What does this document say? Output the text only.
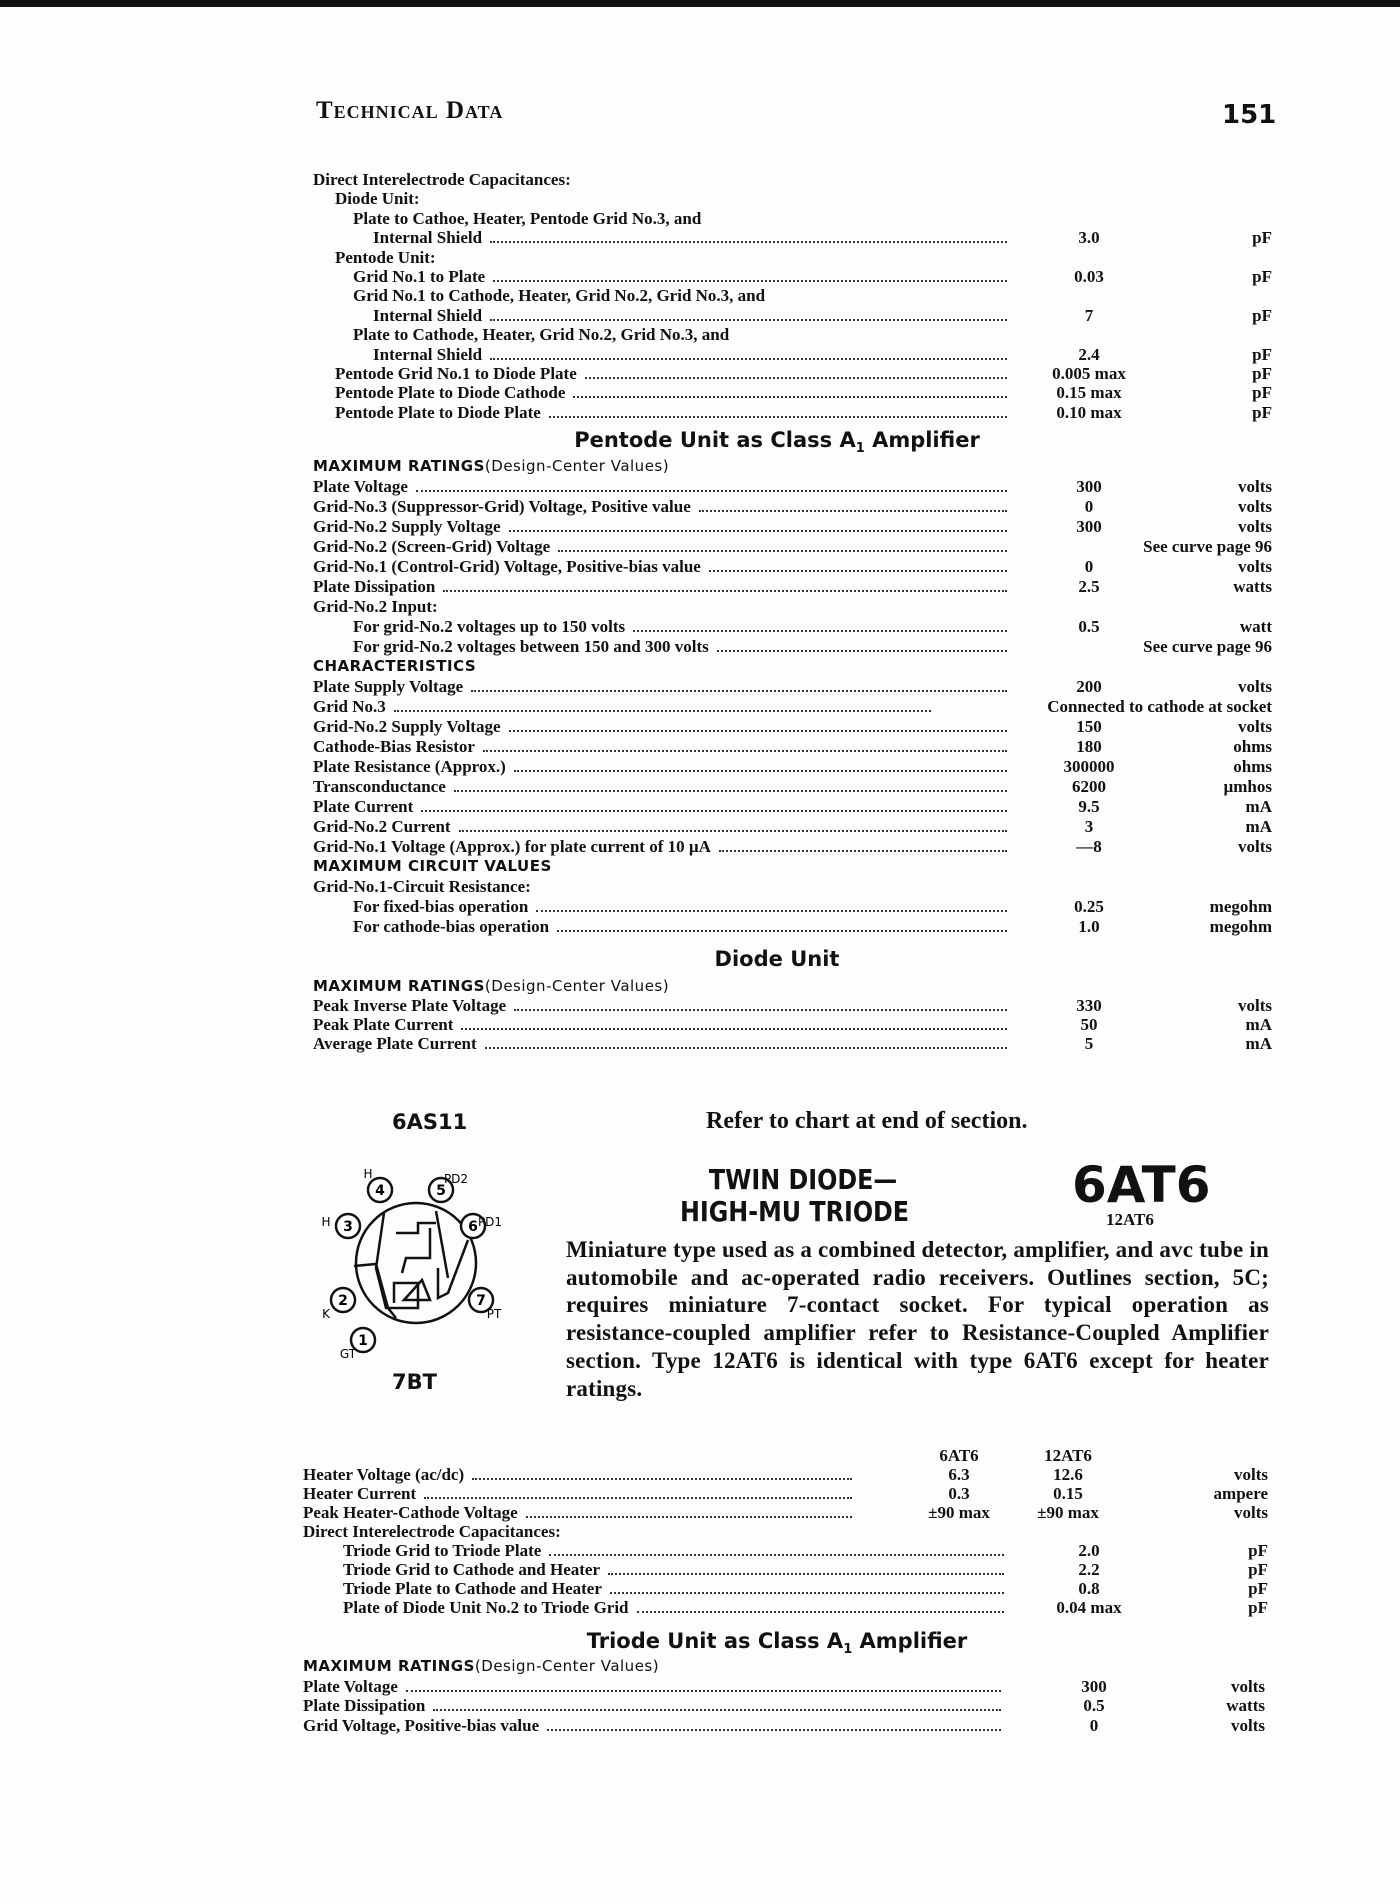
Technical Data	151
Direct Interelectrode Capacitances:
Diode Unit:
Plate to Cathoe, Heater, Pentode Grid No.3, and
Internal Shield	3.0	pF
Pentode Unit:
Grid No.1 to Plate	0.03	pF
Grid No.1 to Cathode, Heater, Grid No.2, Grid No.3, and
Internal Shield	7	pF
Plate to Cathode, Heater, Grid No.2, Grid No.3, and
Internal Shield	2.4	pF
Pentode Grid No.1 to Diode Plate	0.005 max	pF
Pentode Plate to Diode Cathode	0.15 max	pF
Pentode Plate to Diode Plate	0.10 max	pF
Pentode Unit as Class $A_1$ Amplifier
MAXIMUM RATINGS (Design-Center Values)
Plate Voltage	300	volts
Grid-No.3 (Suppressor-Grid) Voltage, Positive value	0	volts
Grid-No.2 Supply Voltage	300	volts
Grid-No.2 (Screen-Grid) Voltage	See curve page 96
Grid-No.1 (Control-Grid) Voltage, Positive-bias value	0	volts
Plate Dissipation	2.5	watts
Grid-No.2 Input:
For grid-No.2 voltages up to 150 volts	0.5	watt
For grid-No.2 voltages between 150 and 300 volts	See curve page 96
CHARACTERISTICS
Plate Supply Voltage	200	volts
Grid No.3	Connected to cathode at socket
Grid-No.2 Supply Voltage	150	volts
Cathode-Bias Resistor	180	ohms
Plate Resistance (Approx.)	300000	ohms
Transconductance	6200	µmhos
Plate Current	9.5	mA
Grid-No.2 Current	3	mA
Grid-No.1 Voltage (Approx.) for plate current of 10 µA	—8	volts
MAXIMUM CIRCUIT VALUES
Grid-No.1-Circuit Resistance:
For fixed-bias operation	0.25	megohm
For cathode-bias operation	1.0	megohm
Diode Unit
MAXIMUM RATINGS (Design-Center Values)
Peak Inverse Plate Voltage	330	volts
Peak Plate Current	50	mA
Average Plate Current	5	mA
6AS11	Refer to chart at end of section.
1
GT
2
K
3
H
4
H
5
PD2
6 PD1
7
PT
7BT
TWIN DIODE—
HIGH-MU TRIODE	6AT6
12AT6
Miniature type used as a combined detector, amplifier, and avc tube in automobile and ac-operated radio receivers. Outlines section, 5C; requires miniature 7-contact socket. For typical operation as resistance-coupled amplifier refer to Resistance-Coupled Amplifier section. Type 12AT6 is identical with type 6AT6 except for heater ratings.
6AT6	12AT6
Heater Voltage (ac/dc)	6.3	12.6	volts
Heater Current	0.3	0.15	ampere
Peak Heater-Cathode Voltage	±90 max	±90 max	volts
Direct Interelectrode Capacitances:
Triode Grid to Triode Plate	2.0	pF
Triode Grid to Cathode and Heater	2.2	pF
Triode Plate to Cathode and Heater	0.8	pF
Plate of Diode Unit No.2 to Triode Grid	0.04 max	pF
Triode Unit as Class $A_1$ Amplifier
MAXIMUM RATINGS (Design-Center Values)
Plate Voltage	300	volts
Plate Dissipation	0.5	watts
Grid Voltage, Positive-bias value	0	volts
